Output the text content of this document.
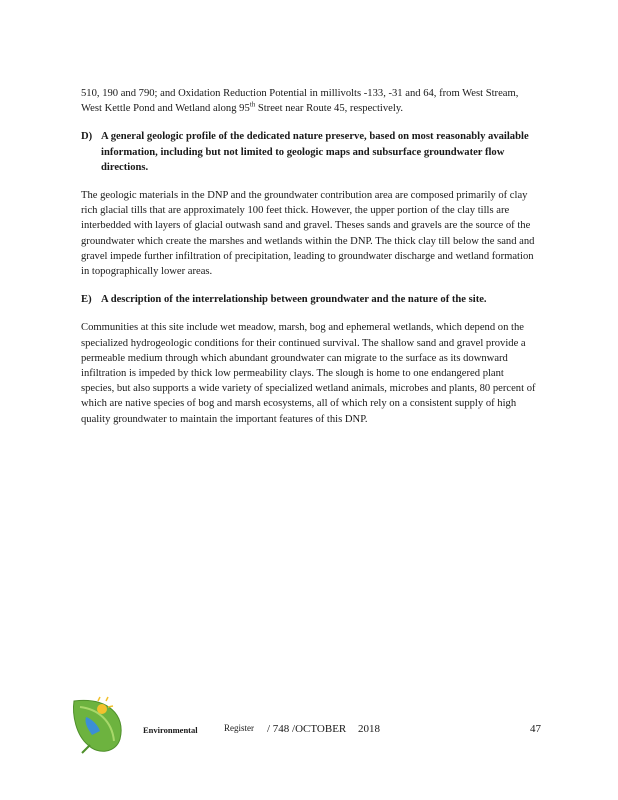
510, 190 and 790; and Oxidation Reduction Potential in millivolts -133, -31 and 64, from West Stream,
West Kettle Pond and Wetland along 95th Street near Route 45, respectively.

D) A general geologic profile of the dedicated nature preserve, based on most reasonably available information, including but not limited to geologic maps and subsurface groundwater flow directions.

The geologic materials in the DNP and the groundwater contribution area are composed primarily of clay rich glacial tills that are approximately 100 feet thick. However, the upper portion of the clay tills are interbedded with layers of glacial outwash sand and gravel. Theses sands and gravels are the source of the groundwater which create the marshes and wetlands within the DNP. The thick clay till below the sand and gravel impede further infiltration of precipitation, leading to groundwater discharge and wetland formation in topographically lower areas.

E) A description of the interrelationship between groundwater and the nature of the site.

Communities at this site include wet meadow, marsh, bog and ephemeral wetlands, which depend on the specialized hydrogeologic conditions for their continued survival. The shallow sand and gravel provide a permeable medium through which abundant groundwater can migrate to the surface as its downward infiltration is impeded by thick low permeability clays. The slough is home to one endangered plant species, but also supports a wide variety of specialized wetland animals, microbes and plants, 80 percent of which are native species of bog and marsh ecosystems, all of which rely on a consistent supply of high quality groundwater to maintain the important features of this DNP.

Environmental	Register / 748 /OCTOBER 2018	47
